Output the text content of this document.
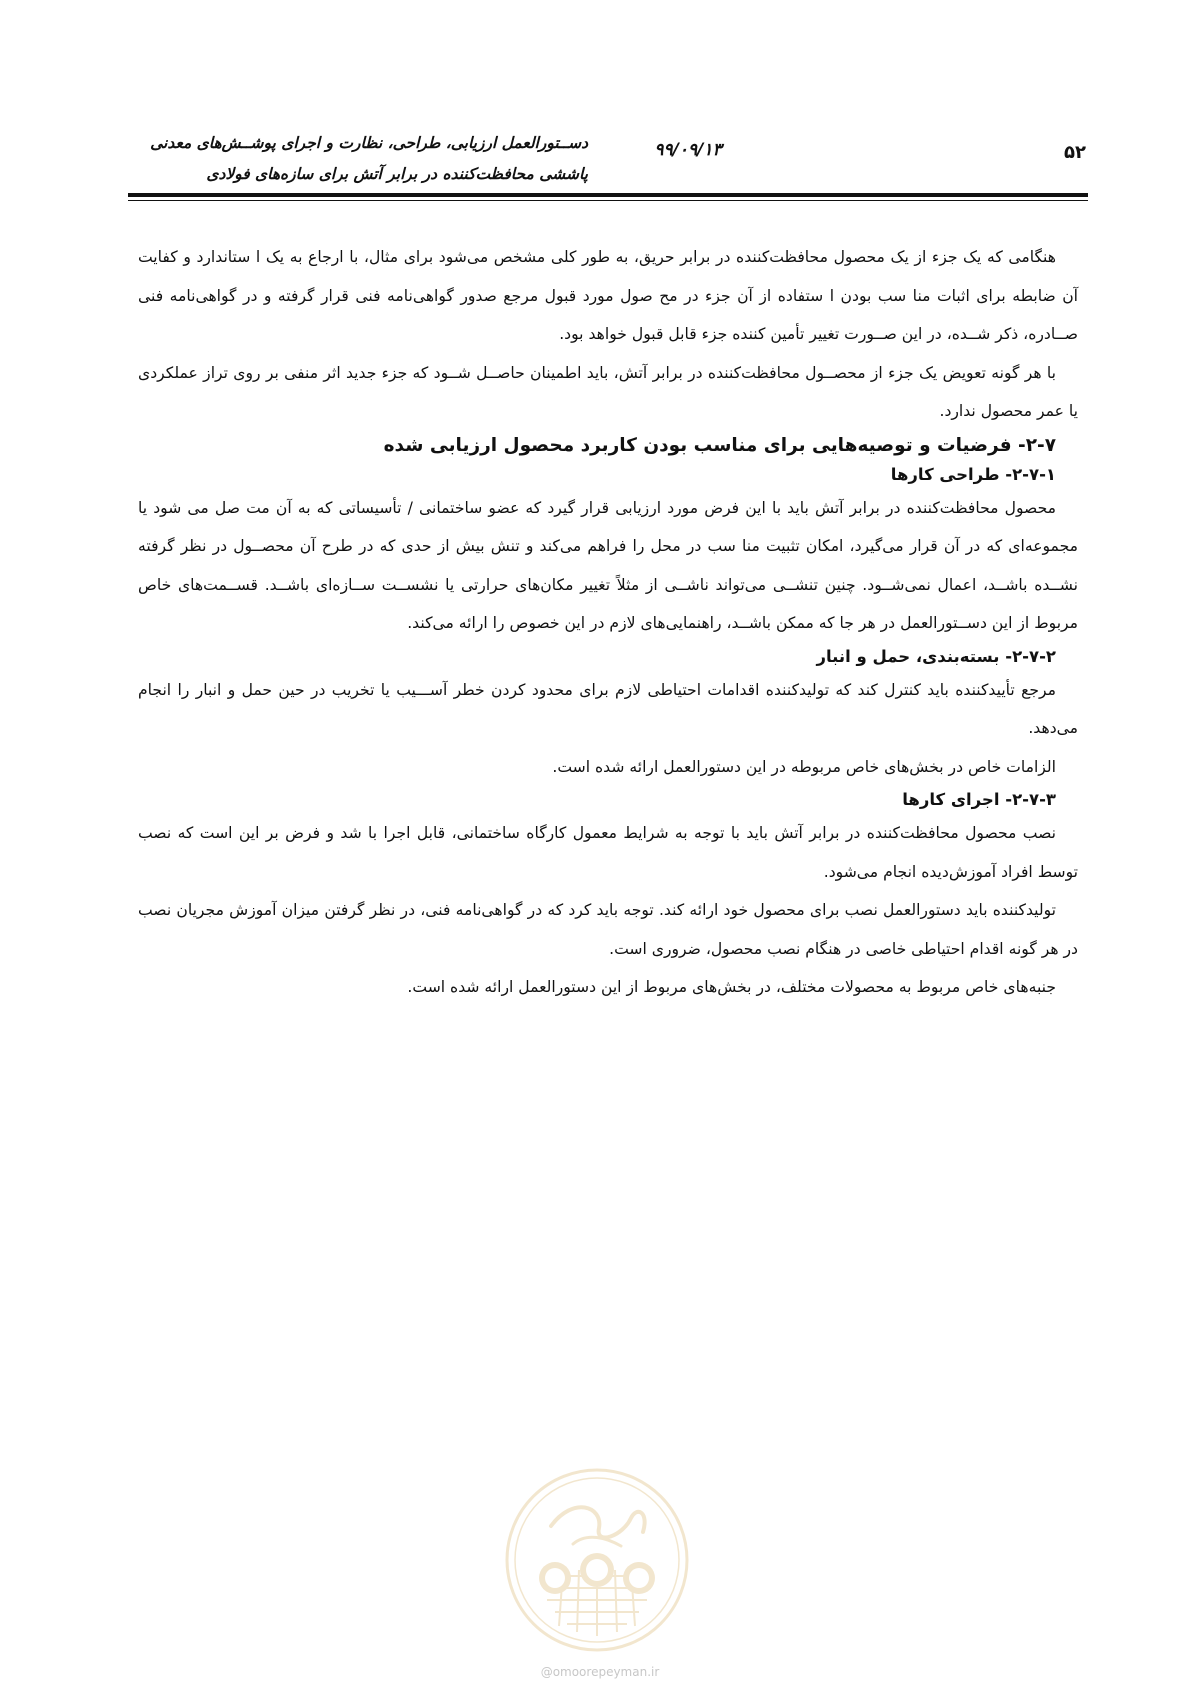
دســتورالعمل ارزیابی، طراحی، نظارت و اجرای پوشــش‌های معدنی
پاششی محافظت‌کننده در برابر آتش برای سازه‌های فولادی
۹۹/۰۹/۱۳	۵۲

هنگامی که یک جزء از یک محصول محافظت‌کننده در برابر حریق، به طور کلی مشخص می‌شود برای مثال، با ارجاع به یک ا ستاندارد و کفایت آن ضابطه برای اثبات منا سب بودن ا ستفاده از آن جزء در مح صول مورد قبول مرجع صدور گواهی‌نامه فنی قرار گرفته و در گواهی‌نامه فنی صــادره، ذکر شــده، در این صــورت تغییر تأمین کننده جزء قابل قبول خواهد بود.

با هر گونه تعویض یک جزء از محصــول محافظت‌کننده در برابر آتش، باید اطمینان حاصــل شــود که جزء جدید اثر منفی بر روی تراز عملکردی یا عمر محصول ندارد.

۲-۷- فرضیات و توصیه‌هایی برای مناسب بودن کاربرد محصول ارزیابی شده

۲-۷-۱- طراحی کارها

محصول محافظت‌کننده در برابر آتش باید با این فرض مورد ارزیابی قرار گیرد که عضو ساختمانی / تأسیساتی که به آن مت صل می شود یا مجموعه‌ای که در آن قرار می‌گیرد، امکان تثبیت منا سب در محل را فراهم می‌کند و تنش بیش از حدی که در طرح آن محصــول در نظر گرفته نشــده باشــد، اعمال نمی‌شــود. چنین تنشــی می‌تواند ناشــی از مثلاً تغییر مکان‌های حرارتی یا نشســت ســازه‌ای باشــد. قســمت‌های خاص مربوط از این دســتورالعمل در هر جا که ممکن باشــد، راهنمایی‌های لازم در این خصوص را ارائه می‌کند.

۲-۷-۲- بسته‌بندی، حمل و انبار

مرجع تأییدکننده باید کنترل کند که تولیدکننده اقدامات احتیاطی لازم برای محدود کردن خطر آســـیب یا تخریب در حین حمل و انبار را انجام می‌دهد.

الزامات خاص در بخش‌های خاص مربوطه در این دستورالعمل ارائه شده است.

۲-۷-۳- اجرای کارها

نصب محصول محافظت‌کننده در برابر آتش باید با توجه به شرایط معمول کارگاه ساختمانی، قابل اجرا با شد و فرض بر این است که نصب توسط افراد آموزش‌دیده انجام می‌شود.

تولیدکننده باید دستورالعمل نصب برای محصول خود ارائه کند. توجه باید کرد که در گواهی‌نامه فنی، در نظر گرفتن میزان آموزش مجریان نصب در هر گونه اقدام احتیاطی خاصی در هنگام نصب محصول، ضروری است.

جنبه‌های خاص مربوط به محصولات مختلف، در بخش‌های مربوط از این دستورالعمل ارائه شده است.

@omoorepeyman.ir
